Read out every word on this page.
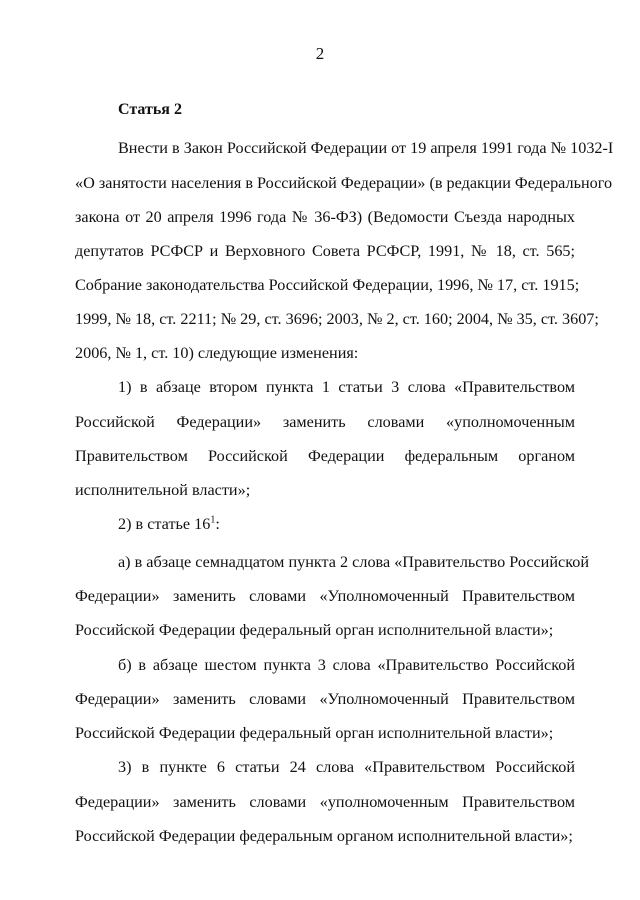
2
Статья 2
Внести в Закон Российской Федерации от 19 апреля 1991 года № 1032-I
«О занятости населения в Российской Федерации» (в редакции Федерального
закона от 20 апреля 1996 года № 36-ФЗ) (Ведомости Съезда народных
депутатов РСФСР и Верховного Совета РСФСР, 1991, № 18, ст. 565;
Собрание законодательства Российской Федерации, 1996, № 17, ст. 1915;
1999, № 18, ст. 2211; № 29, ст. 3696; 2003, № 2, ст. 160; 2004, № 35, ст. 3607;
2006, № 1, ст. 10) следующие изменения:
1) в абзаце втором пункта 1 статьи 3 слова «Правительством
Российской Федерации» заменить словами «уполномоченным
Правительством Российской Федерации федеральным органом
исполнительной власти»;
2) в статье $16^1$:
а) в абзаце семнадцатом пункта 2 слова «Правительство Российской
Федерации» заменить словами «Уполномоченный Правительством
Российской Федерации федеральный орган исполнительной власти»;
б) в абзаце шестом пункта 3 слова «Правительство Российской
Федерации» заменить словами «Уполномоченный Правительством
Российской Федерации федеральный орган исполнительной власти»;
3) в пункте 6 статьи 24 слова «Правительством Российской
Федерации» заменить словами «уполномоченным Правительством
Российской Федерации федеральным органом исполнительной власти»;
